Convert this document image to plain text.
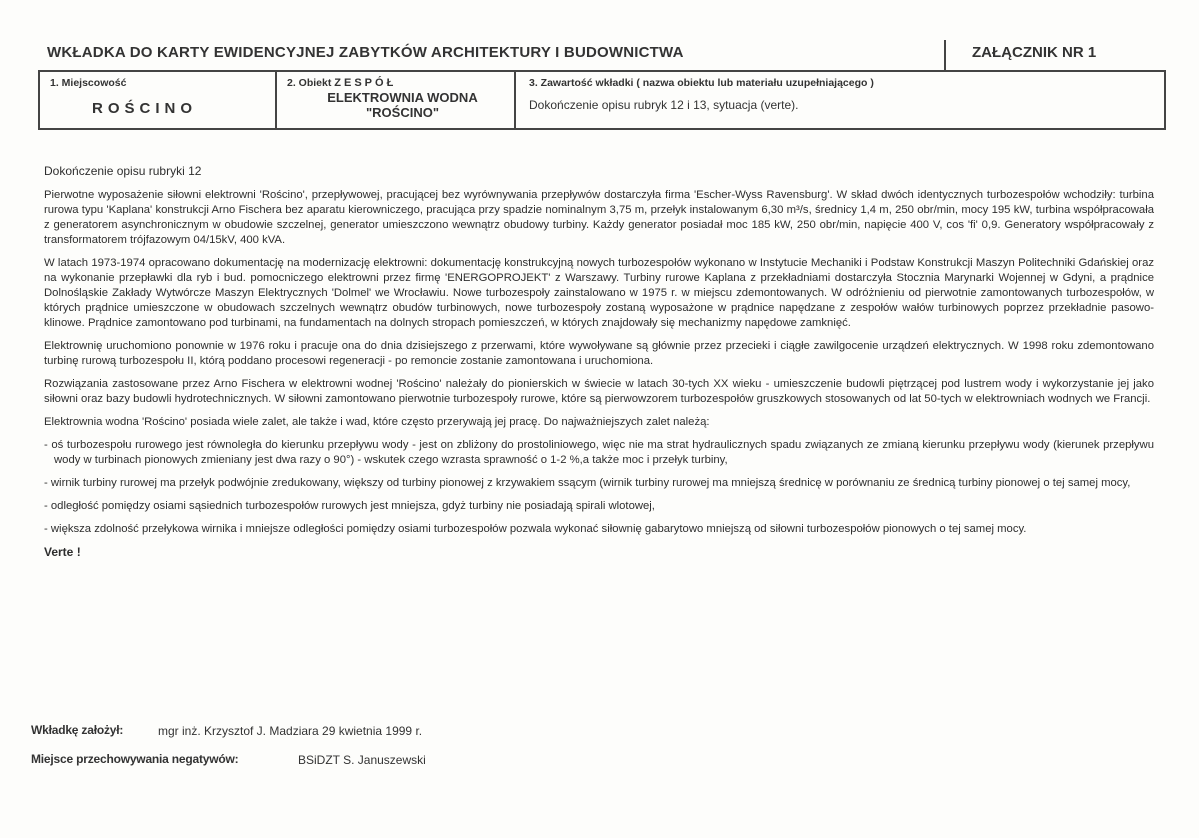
WKŁADKA DO KARTY EWIDENCYJNEJ ZABYTKÓW ARCHITEKTURY I BUDOWNICTWA	ZAŁĄCZNIK NR 1
1. Miejscowość
ROŚCINO
2. Obiekt ZESPÓŁ
ELEKTROWNIA WODNA
"ROŚCINO"
3. Zawartość wkładki ( nazwa obiektu lub materiału uzupełniającego )
Dokończenie opisu rubryk 12 i 13, sytuacja (verte).

Dokończenie opisu rubryki 12

Pierwotne wyposażenie siłowni elektrowni 'Rościno', przepływowej, pracującej bez wyrównywania przepływów dostarczyła firma 'Escher-Wyss Ravensburg'. W skład dwóch identycznych turbozespołów wchodziły: turbina rurowa typu 'Kaplana' konstrukcji Arno Fischera bez aparatu kierowniczego, pracująca przy spadzie nominalnym 3,75 m, przełyk instalowanym 6,30 m³/s, średnicy 1,4 m, 250 obr/min, mocy 195 kW, turbina współpracowała z generatorem asynchronicznym w obudowie szczelnej, generator umieszczono wewnątrz obudowy turbiny. Każdy generator posiadał moc 185 kW, 250 obr/min, napięcie 400 V, cos 'fi' 0,9. Generatory współpracowały z transformatorem trójfazowym 04/15kV, 400 kVA.

W latach 1973-1974 opracowano dokumentację na modernizację elektrowni: dokumentację konstrukcyjną nowych turbozespołów wykonano w Instytucie Mechaniki i Podstaw Konstrukcji Maszyn Politechniki Gdańskiej oraz na wykonanie przepławki dla ryb i bud. pomocniczego elektrowni przez firmę 'ENERGOPROJEKT' z Warszawy. Turbiny rurowe Kaplana z przekładniami dostarczyła Stocznia Marynarki Wojennej w Gdyni, a prądnice Dolnośląskie Zakłady Wytwórcze Maszyn Elektrycznych 'Dolmel' we Wrocławiu. Nowe turbozespoły zainstalowano w 1975 r. w miejscu zdemontowanych. W odróżnieniu od pierwotnie zamontowanych turbozespołów, w których prądnice umieszczone w obudowach szczelnych wewnątrz obudów turbinowych, nowe turbozespoły zostaną wyposażone w prądnice napędzane z zespołów wałów turbinowych poprzez przekładnie pasowo-klinowe. Prądnice zamontowano pod turbinami, na fundamentach na dolnych stropach pomieszczeń, w których znajdowały się mechanizmy napędowe zamknięć.

Elektrownię uruchomiono ponownie w 1976 roku i pracuje ona do dnia dzisiejszego z przerwami, które wywoływane są głównie przez przecieki i ciągłe zawilgocenie urządzeń elektrycznych. W 1998 roku zdemontowano turbinę rurową turbozespołu II, którą poddano procesowi regeneracji - po remoncie zostanie zamontowana i uruchomiona.

Rozwiązania zastosowane przez Arno Fischera w elektrowni wodnej 'Rościno' należały do pionierskich w świecie w latach 30-tych XX wieku - umieszczenie budowli piętrzącej pod lustrem wody i wykorzystanie jej jako siłowni oraz bazy budowli hydrotechnicznych. W siłowni zamontowano pierwotnie turbozespoły rurowe, które są pierwowzorem turbozespołów gruszkowych stosowanych od lat 50-tych w elektrowniach wodnych we Francji.

Elektrownia wodna 'Rościno' posiada wiele zalet, ale także i wad, które często przerywają jej pracę. Do najważniejszych zalet należą:

- oś turbozespołu rurowego jest równoległa do kierunku przepływu wody - jest on zbliżony do prostoliniowego, więc nie ma strat hydraulicznych spadu związanych ze zmianą kierunku przepływu wody (kierunek przepływu wody w turbinach pionowych zmieniany jest dwa razy o 90°) - wskutek czego wzrasta sprawność o 1-2 %,a także moc i przełyk turbiny,

- wirnik turbiny rurowej ma przełyk podwójnie zredukowany, większy od turbiny pionowej z krzywakiem ssącym (wirnik turbiny rurowej ma mniejszą średnicę w porównaniu ze średnicą turbiny pionowej o tej samej mocy,

- odległość pomiędzy osiami sąsiednich turbozespołów rurowych jest mniejsza, gdyż turbiny nie posiadają spirali wlotowej,

- większa zdolność przełykowa wirnika i mniejsze odległości pomiędzy osiami turbozespołów pozwala wykonać siłownię gabarytowo mniejszą od siłowni turbozespołów pionowych o tej samej mocy.

Verte !

Wkładkę założył:	mgr inż. Krzysztof J. Madziara 29 kwietnia 1999 r.
Miejsce przechowywania negatywów:	BSiDZT S. Januszewski
